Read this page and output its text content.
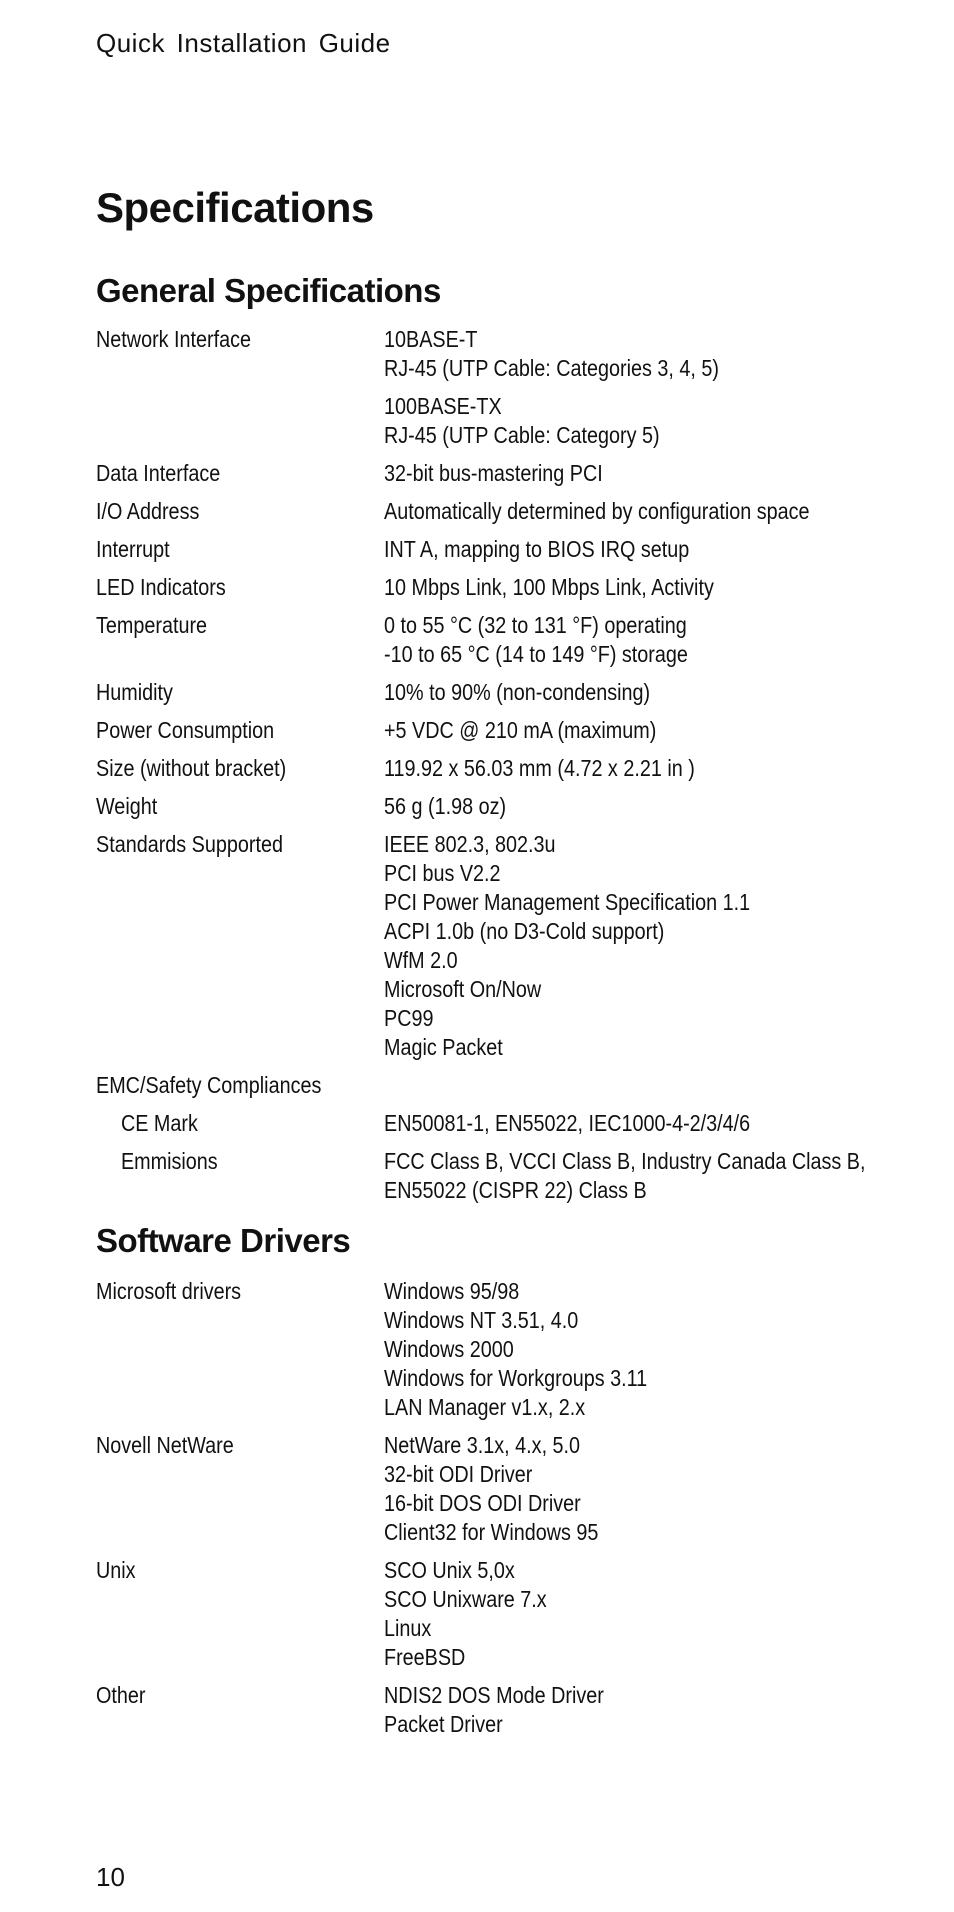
Quick Installation Guide
Specifications
General Specifications
Network Interface	10BASE-T
RJ-45 (UTP Cable: Categories 3, 4, 5)
100BASE-TX
RJ-45 (UTP Cable: Category 5)
Data Interface	32-bit bus-mastering PCI
I/O Address	Automatically determined by configuration space
Interrupt	INT A, mapping to BIOS IRQ setup
LED Indicators	10 Mbps Link, 100 Mbps Link, Activity
Temperature	0 to 55 °C (32 to 131 °F) operating
-10 to 65 °C (14 to 149 °F) storage
Humidity	10% to 90% (non-condensing)
Power Consumption	+5 VDC @ 210 mA (maximum)
Size (without bracket)	119.92 x 56.03 mm (4.72 x 2.21 in )
Weight	56 g (1.98 oz)
Standards Supported	IEEE 802.3, 802.3u
PCI bus V2.2
PCI Power Management Specification 1.1
ACPI 1.0b (no D3-Cold support)
WfM 2.0
Microsoft On/Now
PC99
Magic Packet
EMC/Safety Compliances
CE Mark	EN50081-1, EN55022, IEC1000-4-2/3/4/6
Emmisions	FCC Class B, VCCI Class B, Industry Canada Class B,
EN55022 (CISPR 22) Class B
Software Drivers
Microsoft drivers	Windows 95/98
Windows NT 3.51, 4.0
Windows 2000
Windows for Workgroups 3.11
LAN Manager v1.x, 2.x
Novell NetWare	NetWare 3.1x, 4.x, 5.0
32-bit ODI Driver
16-bit DOS ODI Driver
Client32 for Windows 95
Unix	SCO Unix 5,0x
SCO Unixware 7.x
Linux
FreeBSD
Other	NDIS2 DOS Mode Driver
Packet Driver
10
